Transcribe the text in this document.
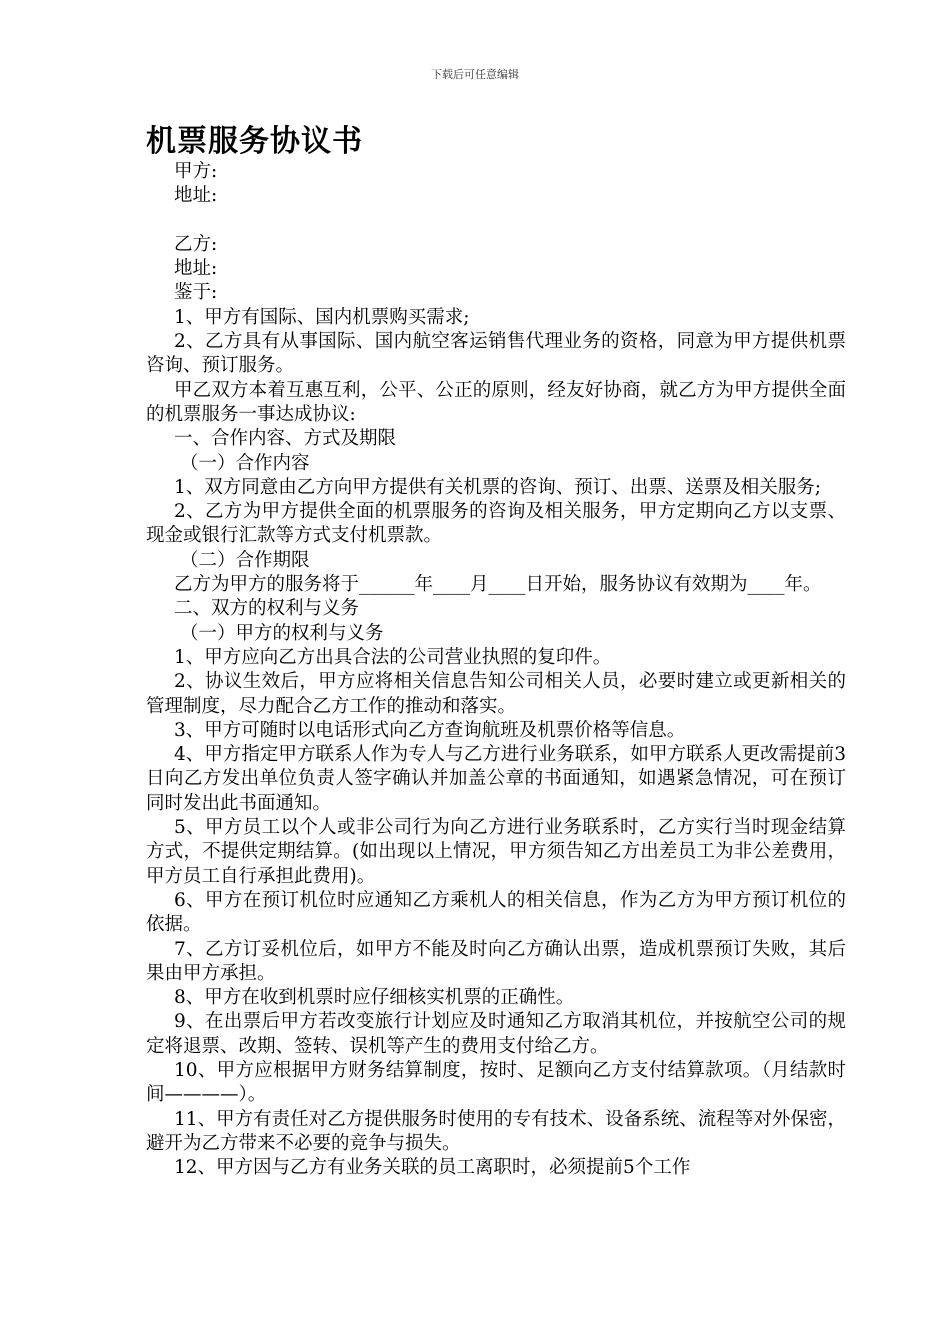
下载后可任意编辑
机票服务协议书

甲方:

地址:

乙方:

地址:

鉴于:

1、甲方有国际、国内机票购买需求;

2、乙方具有从事国际、国内航空客运销售代理业务的资格，同意为甲方提供机票咨询、预订服务。

甲乙双方本着互惠互利，公平、公正的原则，经友好协商，就乙方为甲方提供全面的机票服务一事达成协议:

一、合作内容、方式及期限

（一）合作内容

1、双方同意由乙方向甲方提供有关机票的咨询、预订、出票、送票及相关服务;

2、乙方为甲方提供全面的机票服务的咨询及相关服务，甲方定期向乙方以支票、现金或银行汇款等方式支付机票款。

（二）合作期限

乙方为甲方的服务将于______年____月____日开始，服务协议有效期为____年。

二、双方的权利与义务

（一）甲方的权利与义务

1、甲方应向乙方出具合法的公司营业执照的复印件。

2、协议生效后，甲方应将相关信息告知公司相关人员，必要时建立或更新相关的管理制度，尽力配合乙方工作的推动和落实。

3、甲方可随时以电话形式向乙方查询航班及机票价格等信息。

4、甲方指定甲方联系人作为专人与乙方进行业务联系，如甲方联系人更改需提前3日向乙方发出单位负责人签字确认并加盖公章的书面通知，如遇紧急情况，可在预订同时发出此书面通知。

5、甲方员工以个人或非公司行为向乙方进行业务联系时，乙方实行当时现金结算方式，不提供定期结算。(如出现以上情况，甲方须告知乙方出差员工为非公差费用，甲方员工自行承担此费用)。

6、甲方在预订机位时应通知乙方乘机人的相关信息，作为乙方为甲方预订机位的依据。

7、乙方订妥机位后，如甲方不能及时向乙方确认出票，造成机票预订失败，其后果由甲方承担。

8、甲方在收到机票时应仔细核实机票的正确性。

9、在出票后甲方若改变旅行计划应及时通知乙方取消其机位，并按航空公司的规定将退票、改期、签转、误机等产生的费用支付给乙方。

10、甲方应根据甲方财务结算制度，按时、足额向乙方支付结算款项。（月结款时间————）。

11、甲方有责任对乙方提供服务时使用的专有技术、设备系统、流程等对外保密，避开为乙方带来不必要的竞争与损失。

12、甲方因与乙方有业务关联的员工离职时，必须提前5个工作
